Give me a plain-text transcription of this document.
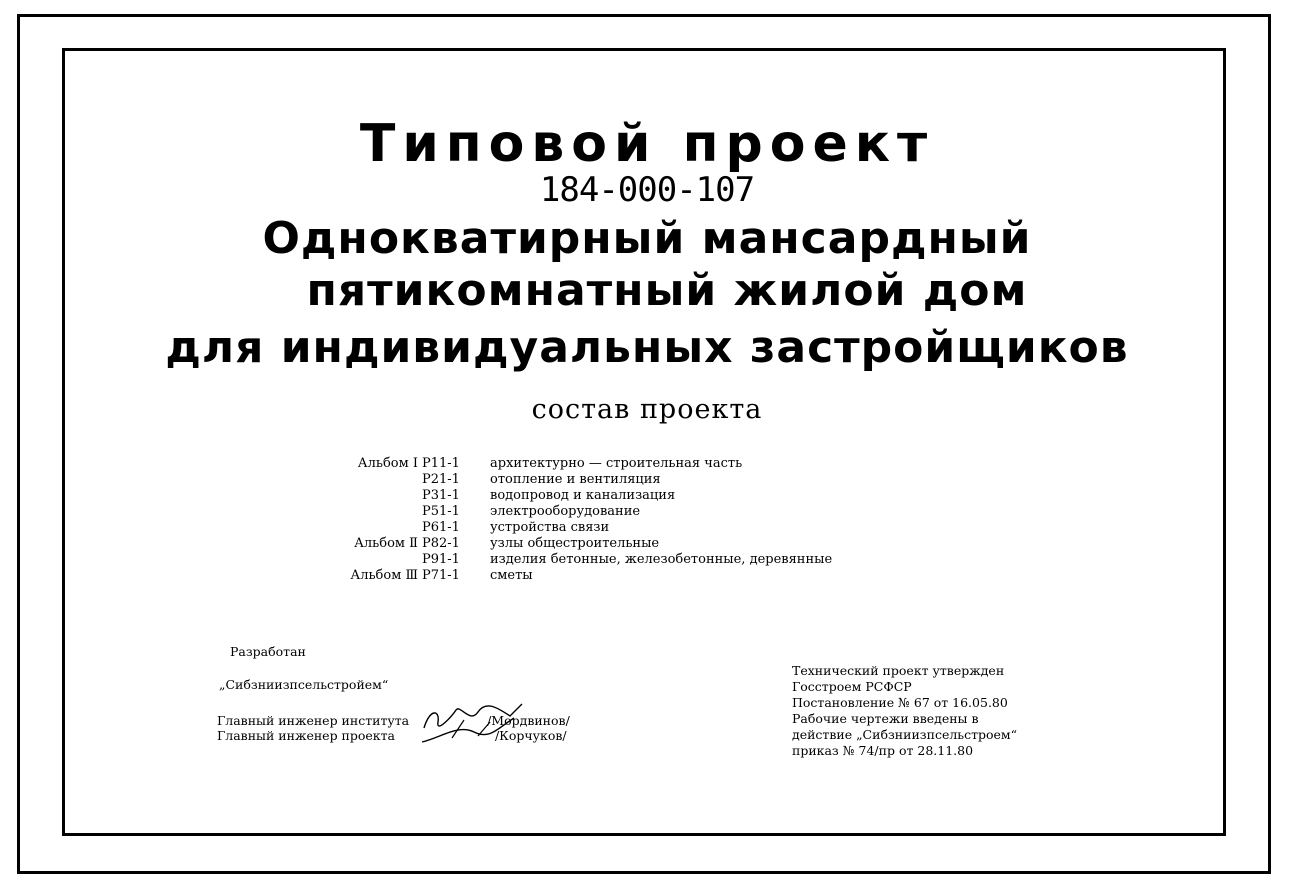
Типовой проект
184-000-107
Однокватирный мансардный
пятикомнатный жилой дом
для индивидуальных застройщиков
состав проекта
Альбом Ⅰ Р11-1	архитектурно — строительная часть
Р21-1	отопление и вентиляция
Р31-1	водопровод и канализация
Р51-1	электрооборудование
Р61-1	устройства связи
Альбом Ⅱ Р82-1	узлы общестроительные
Р91-1	изделия бетонные, железобетонные, деревянные
Альбом Ⅲ Р71-1	сметы
Разработан
„Сибзниизпсельстройем“
Главный инженер института	/Мордвинов/
Главный инженер проекта	/Корчуков/
Технический проект утвержден
Госстроем РСФСР
Постановление № 67 от 16.05.80
Рабочие чертежи введены в
действие „Сибзниизпсельстроем“
приказ № 74/пр от 28.11.80
